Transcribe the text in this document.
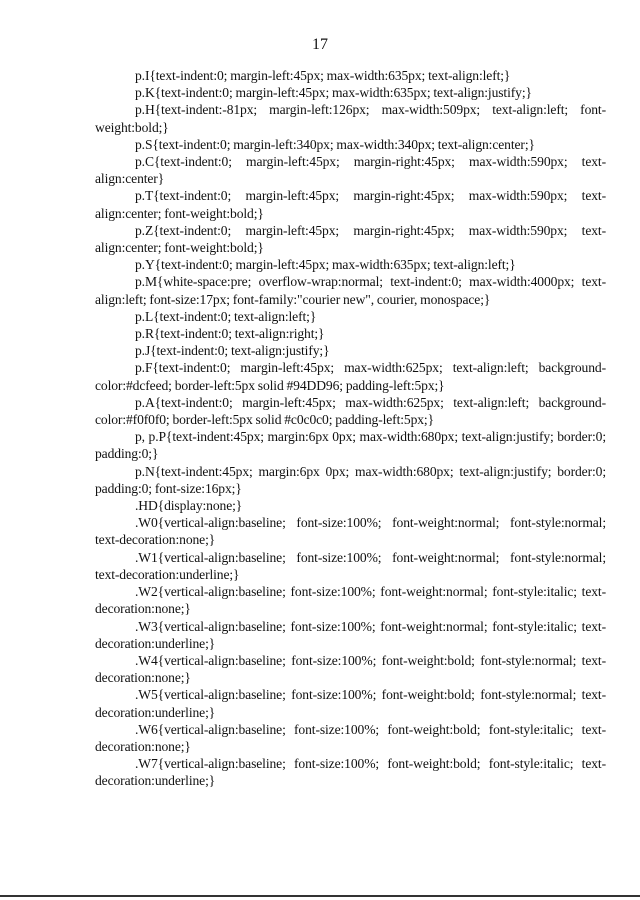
17

p.I{text-indent:0; margin-left:45px; max-width:635px; text-align:left;}

p.K{text-indent:0; margin-left:45px; max-width:635px; text-align:justify;}

p.H{text-indent:-81px; margin-left:126px; max-width:509px; text-align:left; font-weight:bold;}

p.S{text-indent:0; margin-left:340px; max-width:340px; text-align:center;}

p.C{text-indent:0; margin-left:45px; margin-right:45px; max-width:590px; text-align:center}

p.T{text-indent:0; margin-left:45px; margin-right:45px; max-width:590px; text-align:center; font-weight:bold;}

p.Z{text-indent:0; margin-left:45px; margin-right:45px; max-width:590px; text-align:center; font-weight:bold;}

p.Y{text-indent:0; margin-left:45px; max-width:635px; text-align:left;}

p.M{white-space:pre; overflow-wrap:normal; text-indent:0; max-width:4000px; text-align:left; font-size:17px; font-family:"courier new", courier, monospace;}

p.L{text-indent:0; text-align:left;}

p.R{text-indent:0; text-align:right;}

p.J{text-indent:0; text-align:justify;}

p.F{text-indent:0; margin-left:45px; max-width:625px; text-align:left; background-color:#dcfeed; border-left:5px solid #94DD96; padding-left:5px;}

p.A{text-indent:0; margin-left:45px; max-width:625px; text-align:left; background-color:#f0f0f0; border-left:5px solid #c0c0c0; padding-left:5px;}

p, p.P{text-indent:45px; margin:6px 0px; max-width:680px; text-align:justify; border:0; padding:0;}

p.N{text-indent:45px; margin:6px 0px; max-width:680px; text-align:justify; border:0; padding:0; font-size:16px;}

.HD{display:none;}

.W0{vertical-align:baseline; font-size:100%; font-weight:normal; font-style:normal; text-decoration:none;}

.W1{vertical-align:baseline; font-size:100%; font-weight:normal; font-style:normal; text-decoration:underline;}

.W2{vertical-align:baseline; font-size:100%; font-weight:normal; font-style:italic; text-decoration:none;}

.W3{vertical-align:baseline; font-size:100%; font-weight:normal; font-style:italic; text-decoration:underline;}

.W4{vertical-align:baseline; font-size:100%; font-weight:bold; font-style:normal; text-decoration:none;}

.W5{vertical-align:baseline; font-size:100%; font-weight:bold; font-style:normal; text-decoration:underline;}

.W6{vertical-align:baseline; font-size:100%; font-weight:bold; font-style:italic; text-decoration:none;}

.W7{vertical-align:baseline; font-size:100%; font-weight:bold; font-style:italic; text-decoration:underline;}
